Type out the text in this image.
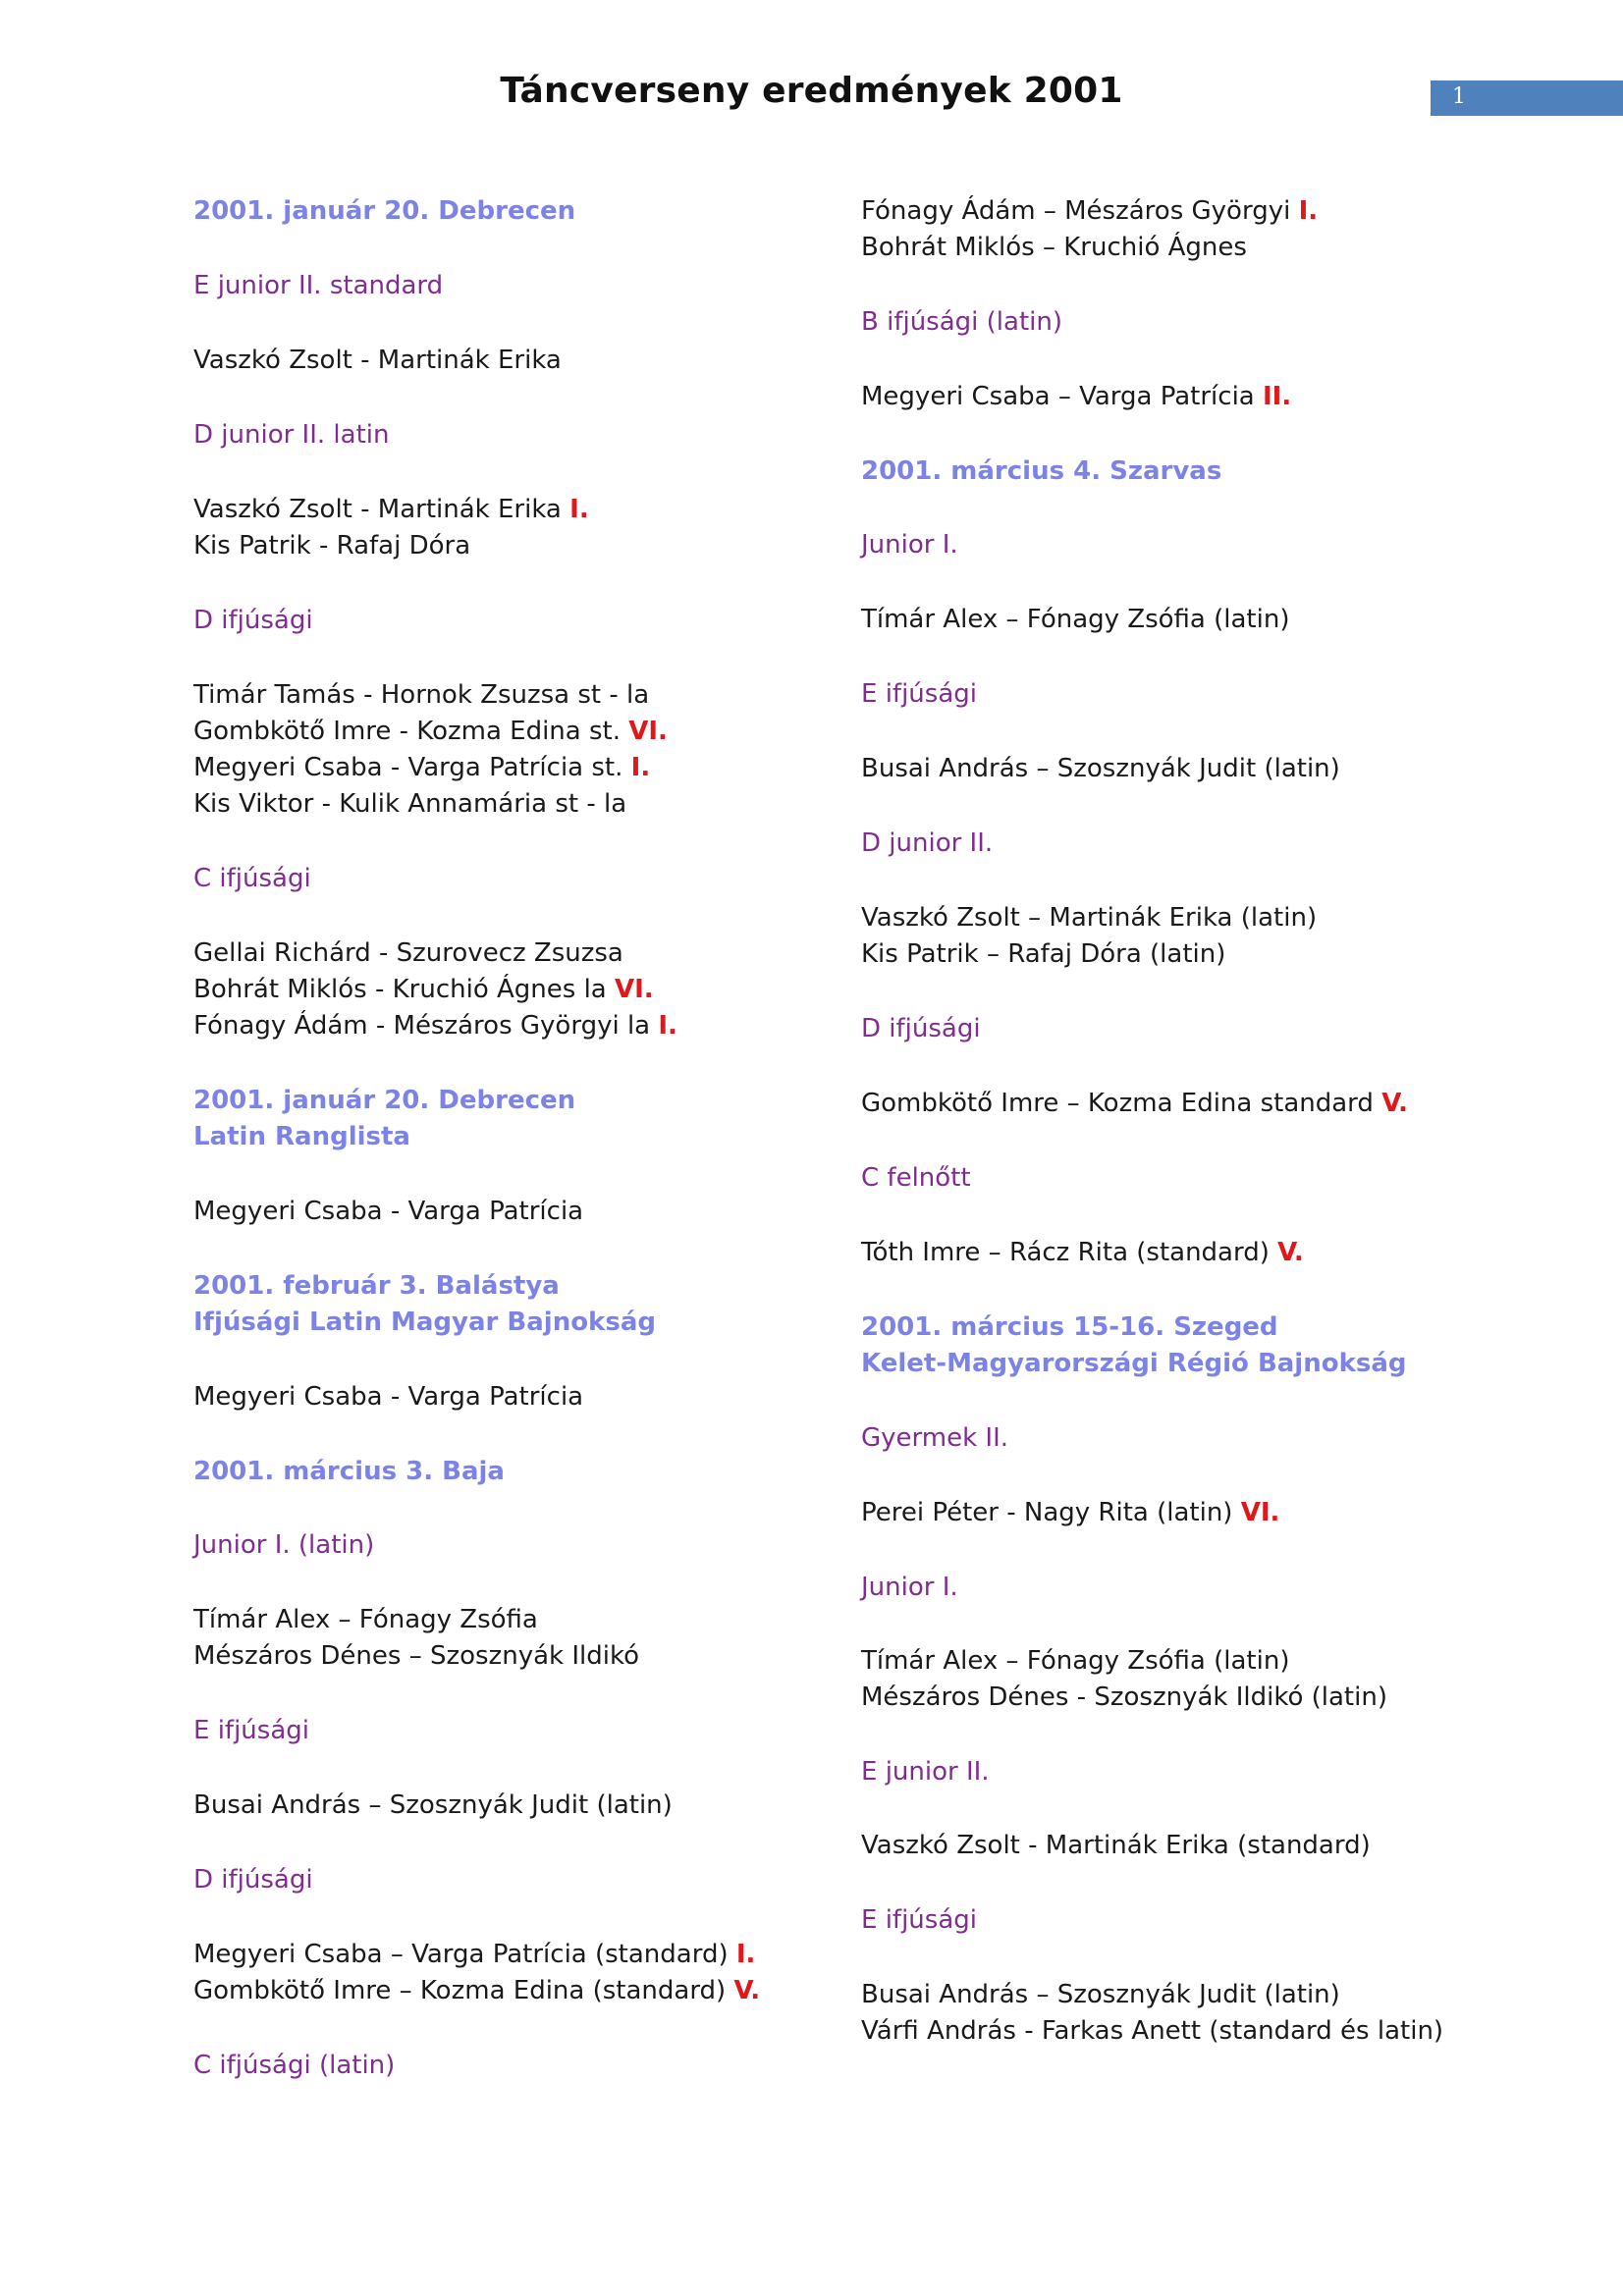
Táncverseny eredmények 2001	1
2001. január 20. Debrecen
E junior II. standard
Vaszkó Zsolt - Martinák Erika
D junior II. latin
Vaszkó Zsolt - Martinák Erika I.
Kis Patrik - Rafaj Dóra
D ifjúsági
Timár Tamás - Hornok Zsuzsa st - la
Gombkötő Imre - Kozma Edina st. VI.
Megyeri Csaba - Varga Patrícia st. I.
Kis Viktor - Kulik Annamária st - la
C ifjúsági
Gellai Richárd - Szurovecz Zsuzsa
Bohrát Miklós - Kruchió Ágnes la VI.
Fónagy Ádám - Mészáros Györgyi la I.
2001. január 20. Debrecen
Latin Ranglista
Megyeri Csaba - Varga Patrícia
2001. február 3. Balástya
Ifjúsági Latin Magyar Bajnokság
Megyeri Csaba - Varga Patrícia
2001. március 3. Baja
Junior I. (latin)
Tímár Alex – Fónagy Zsófia
Mészáros Dénes – Szosznyák Ildikó
E ifjúsági
Busai András – Szosznyák Judit (latin)
D ifjúsági
Megyeri Csaba – Varga Patrícia (standard) I.
Gombkötő Imre – Kozma Edina (standard) V.
C ifjúsági (latin)
Fónagy Ádám – Mészáros Györgyi I.
Bohrát Miklós – Kruchió Ágnes
B ifjúsági (latin)
Megyeri Csaba – Varga Patrícia II.
2001. március 4. Szarvas
Junior I.
Tímár Alex – Fónagy Zsófia (latin)
E ifjúsági
Busai András – Szosznyák Judit (latin)
D junior II.
Vaszkó Zsolt – Martinák Erika (latin)
Kis Patrik – Rafaj Dóra (latin)
D ifjúsági
Gombkötő Imre – Kozma Edina standard V.
C felnőtt
Tóth Imre – Rácz Rita (standard) V.
2001. március 15-16. Szeged
Kelet-Magyarországi Régió Bajnokság
Gyermek II.
Perei Péter - Nagy Rita (latin) VI.
Junior I.
Tímár Alex – Fónagy Zsófia (latin)
Mészáros Dénes - Szosznyák Ildikó (latin)
E junior II.
Vaszkó Zsolt - Martinák Erika (standard)
E ifjúsági
Busai András – Szosznyák Judit (latin)
Várfi András - Farkas Anett (standard és latin)
